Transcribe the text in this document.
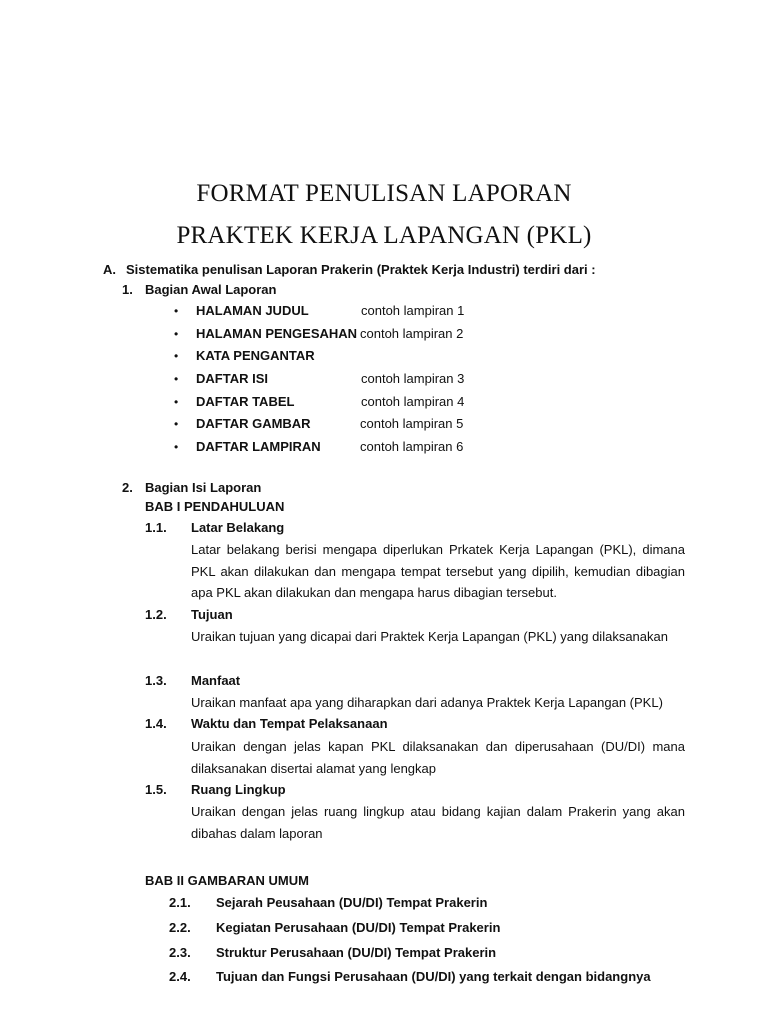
FORMAT PENULISAN LAPORAN
PRAKTEK KERJA LAPANGAN (PKL)
A. Sistematika penulisan Laporan Prakerin (Praktek Kerja Industri) terdiri dari :
1. Bagian Awal Laporan
• HALAMAN JUDUL	contoh lampiran 1
• HALAMAN PENGESAHAN contoh lampiran 2
• KATA PENGANTAR
• DAFTAR ISI	contoh lampiran 3
• DAFTAR TABEL	contoh lampiran 4
• DAFTAR GAMBAR	contoh lampiran 5
• DAFTAR LAMPIRAN	contoh lampiran 6
2. Bagian Isi Laporan
BAB I PENDAHULUAN
1.1. Latar Belakang
Latar belakang berisi mengapa diperlukan Prkatek Kerja Lapangan (PKL), dimana PKL akan dilakukan dan mengapa tempat tersebut yang dipilih, kemudian dibagian apa PKL akan dilakukan dan mengapa harus dibagian tersebut.
1.2. Tujuan
Uraikan tujuan yang dicapai dari Praktek Kerja Lapangan (PKL) yang dilaksanakan
1.3. Manfaat
Uraikan manfaat apa yang diharapkan dari adanya Praktek Kerja Lapangan (PKL)
1.4. Waktu dan Tempat Pelaksanaan
Uraikan dengan jelas kapan PKL dilaksanakan dan diperusahaan (DU/DI) mana dilaksanakan disertai alamat yang lengkap
1.5. Ruang Lingkup
Uraikan dengan jelas ruang lingkup atau bidang kajian dalam Prakerin yang akan dibahas dalam laporan
BAB II GAMBARAN UMUM
2.1. Sejarah Peusahaan (DU/DI) Tempat Prakerin
2.2. Kegiatan Perusahaan (DU/DI) Tempat Prakerin
2.3. Struktur Perusahaan (DU/DI) Tempat Prakerin
2.4. Tujuan dan Fungsi Perusahaan (DU/DI) yang terkait dengan bidangnya
